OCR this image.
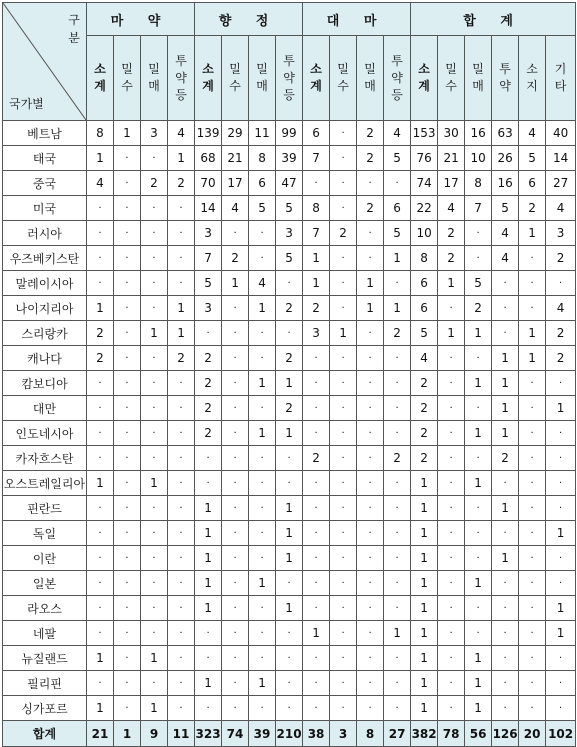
구분
국가별	마 약				향 정				대 마				합 계					
	소계	밀수	밀매	투약등	소계	밀수	밀매	투약등	소계	밀수	밀매	투약등	소계	밀수	밀매	투약	소지	기타
베트남	8	1	3	4	139	29	11	99	6	·	2	4	153	30	16	63	4	40
태국	1	·	·	1	68	21	8	39	7	·	2	5	76	21	10	26	5	14
중국	4	·	2	2	70	17	6	47	·	·	·	·	74	17	8	16	6	27
미국	·	·	·	·	14	4	5	5	8	·	2	6	22	4	7	5	2	4
러시아	·	·	·	·	3	·	·	3	7	2	·	5	10	2	·	4	1	3
우즈베키스탄	·	·	·	·	7	2	·	5	1	·	·	1	8	2	·	4	·	2
말레이시아	·	·	·	·	5	1	4	·	1	·	1	·	6	1	5	·	·	·
나이지리아	1	·	·	1	3	·	1	2	2	·	1	1	6	·	2	·	·	4
스리랑카	2	·	1	1	·	·	·	·	3	1	·	2	5	1	1	·	1	2
캐나다	2	·	·	2	2	·	·	2	·	·	·	·	4	·	·	1	1	2
캄보디아	·	·	·	·	2	·	1	1	·	·	·	·	2	·	1	1	·	·
대만	·	·	·	·	2	·	·	2	·	·	·	·	2	·	·	1	·	1
인도네시아	·	·	·	·	2	·	1	1	·	·	·	·	2	·	1	1	·	·
카자흐스탄	·	·	·	·	·	·	·	·	2	·	·	2	2	·	·	2	·	·
오스트레일리아	1	·	1	·	·	·	·	·	·	·	·	·	1	·	1	·	·	·
핀란드	·	·	·	·	1	·	·	1	·	·	·	·	1	·	·	1	·	·
독일	·	·	·	·	1	·	·	1	·	·	·	·	1	·	·	·	·	1
이란	·	·	·	·	1	·	·	1	·	·	·	·	1	·	·	1	·	·
일본	·	·	·	·	1	·	1	·	·	·	·	·	1	·	1	·	·	·
라오스	·	·	·	·	1	·	·	1	·	·	·	·	1	·	·	·	·	1
네팔	·	·	·	·	·	·	·	·	1	·	·	1	1	·	·	·	·	1
뉴질랜드	1	·	1	·	·	·	·	·	·	·	·	·	1	·	1	·	·	·
필리핀	·	·	·	·	1	·	1	·	·	·	·	·	1	·	1	·	·	·
싱가포르	1	·	1	·	·	·	·	·	·	·	·	·	1	·	1	·	·	·
합계	21	1	9	11	323	74	39	210	38	3	8	27	382	78	56	126	20	102
